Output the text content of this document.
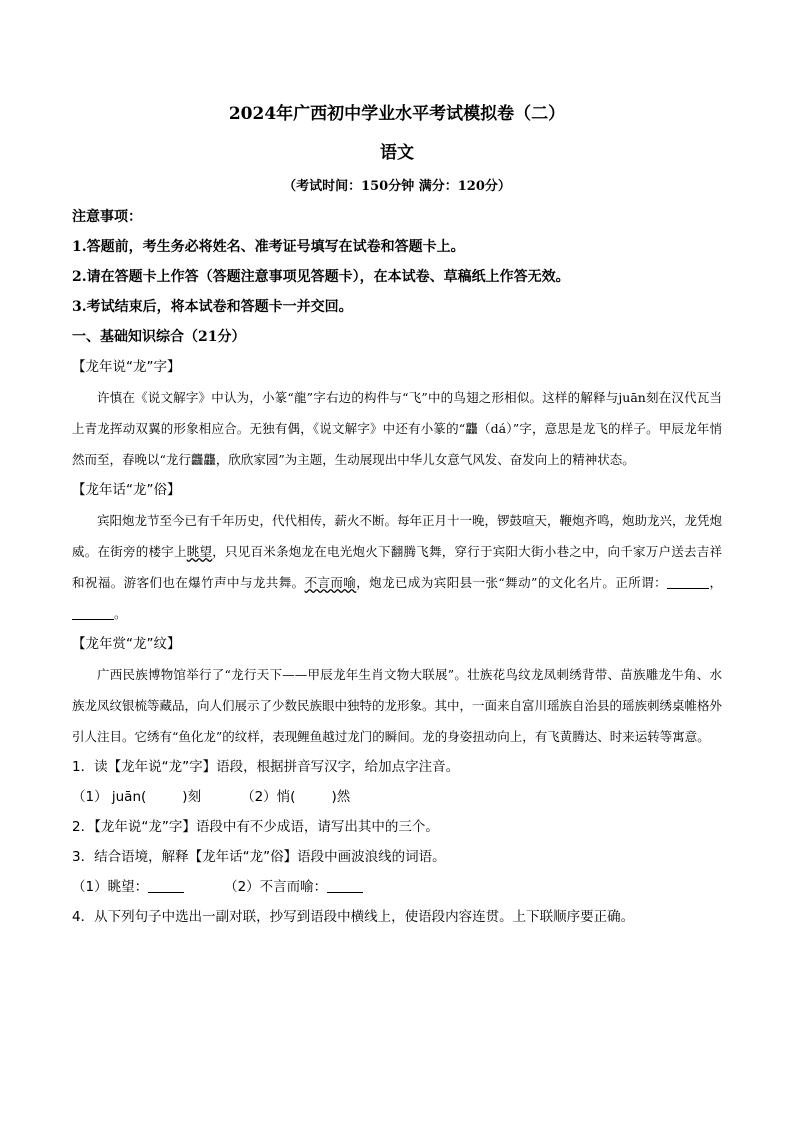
2024年广西初中学业水平考试模拟卷（二）
语文
（考试时间：150分钟 满分：120分）
注意事项：
1.答题前，考生务必将姓名、准考证号填写在试卷和答题卡上。
2.请在答题卡上作答（答题注意事项见答题卡），在本试卷、草稿纸上作答无效。
3.考试结束后，将本试卷和答题卡一并交回。
一、基础知识综合（21分）
【龙年说“龙”字】

许慎在《说文解字》中认为，小篆“龍”字右边的构件与“飞”中的鸟翅之形相似。这样的解释与juān刻在汉代瓦当上青龙挥动双翼的形象相应合。无独有偶，《说文解字》中还有小篆的“龘（dá）”字，意思是龙飞的样子。甲辰龙年悄然而至，春晚以“龙行龘龘，欣欣家园”为主题，生动展现出中华儿女意气风发、奋发向上的精神状态。

【龙年话“龙”俗】

宾阳炮龙节至今已有千年历史，代代相传，薪火不断。每年正月十一晚，锣鼓喧天，鞭炮齐鸣，炮助龙兴，龙凭炮威。在街旁的楼宇上眺望，只见百米条炮龙在电光炮火下翻腾飞舞，穿行于宾阳大街小巷之中，向千家万户送去吉祥和祝福。游客们也在爆竹声中与龙共舞。不言而喻，炮龙已成为宾阳县一张“舞动”的文化名片。正所谓：	，。

【龙年赏“龙”纹】

广西民族博物馆举行了“龙行天下——甲辰龙年生肖文物大联展”。壮族花鸟纹龙凤刺绣背带、苗族雕龙牛角、水族龙凤纹银梳等藏品，向人们展示了少数民族眼中独特的龙形象。其中，一面来自富川瑶族自治县的瑶族刺绣桌帷格外引人注目。它绣有“鱼化龙”的纹样，表现鲤鱼越过龙门的瞬间。龙的身姿扭动向上，有飞黄腾达、时来运转等寓意。

1．读【龙年说“龙”字】语段，根据拼音写汉字，给加点字注音。
（1） juān(	)刻	（2）悄(	)然
2．【龙年说“龙”字】语段中有不少成语，请写出其中的三个。
3．结合语境，解释【龙年话“龙”俗】语段中画波浪线的词语。
（1）眺望：	（2）不言而喻：
4．从下列句子中选出一副对联，抄写到语段中横线上，使语段内容连贯。上下联顺序要正确。
